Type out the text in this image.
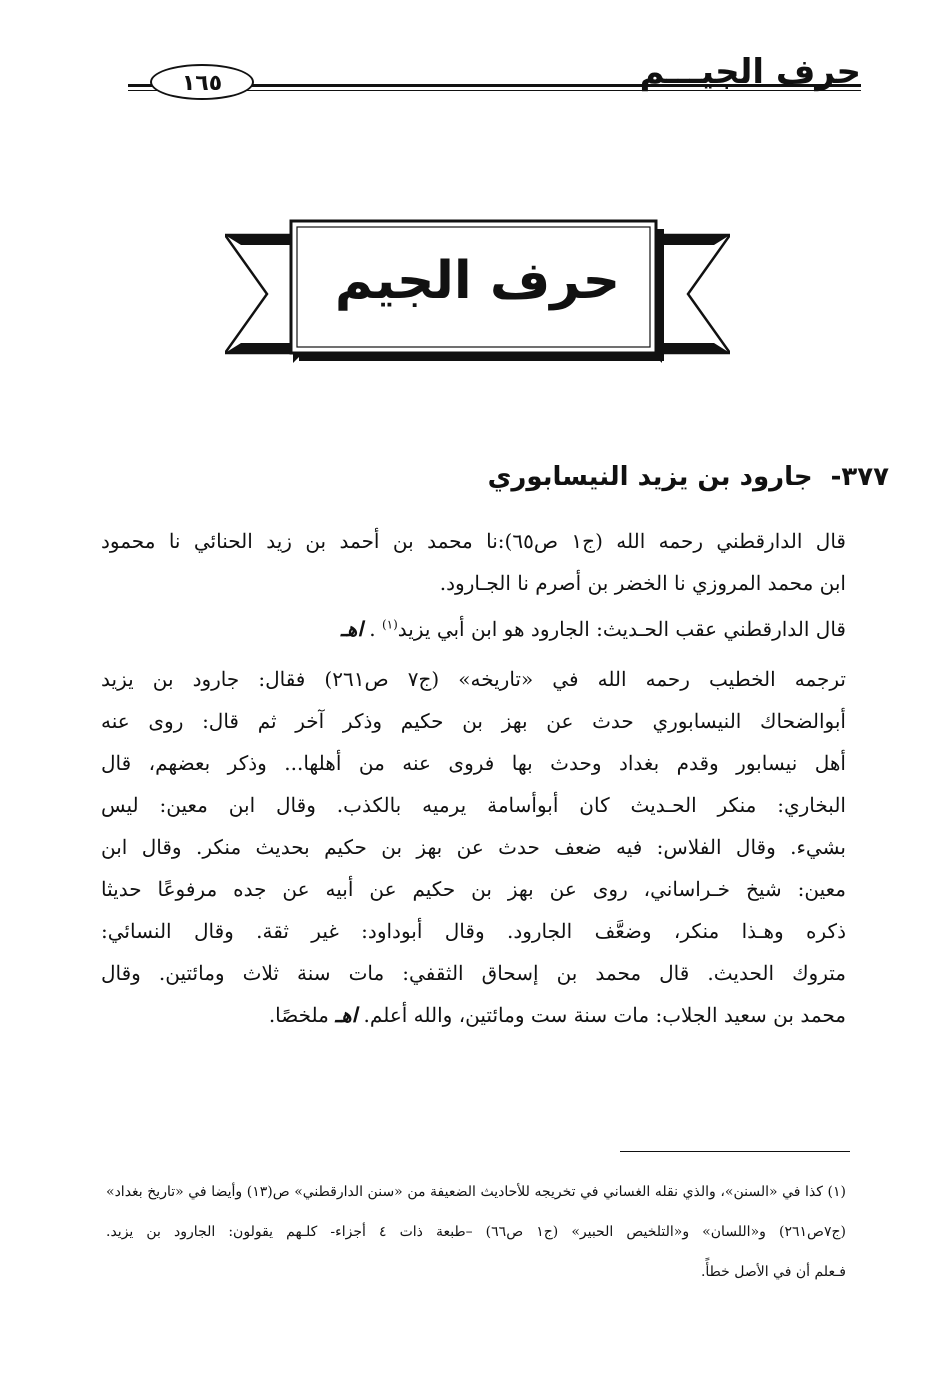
حرف الجيـــم
١٦٥
حرف الجيم
٣٧٧-جارود بن يزيد النيسابوري

قال الدارقطني رحمه الله (ج١ ص٦٥):نا محمد بن أحمد بن زيد الحنائي نا محمود
ابن محمد المروزي نا الخضر بن أصرم نا الجـارود.

قال الدارقطني عقب الحـديث: الجارود هو ابن أبي يزيد$^{(١)}$ . اهـ

ترجمه الخطيب رحمه الله في «تاريخه» (ج٧ ص٢٦١) فقال: جارود بن يزيد
أبوالضحاك النيسابوري حدث عن بهز بن حكيم وذكر آخر ثم قال: روى عنه
أهل نيسابور وقدم بغداد وحدث بها فروى عنه من أهلها... وذكر بعضهم، قال
البخاري: منكر الحـديث كان أبوأسامة يرميه بالكذب. وقال ابن معين: ليس
بشيء. وقال الفلاس: فيه ضعف حدث عن بهز بن حكيم بحديث منكر. وقال ابن
معين: شيخ خـراساني، روى عن بهز بن حكيم عن أبيه عن جده مرفوعًا حديثا
ذكره وهـذا منكر، وضعَّف الجارود. وقال أبوداود: غير ثقة. وقال النسائي:
متروك الحديث. قال محمد بن إسحاق الثقفي: مات سنة ثلاث ومائتين. وقال
محمد بن سعيد الجلاب: مات سنة ست ومائتين، والله أعلم. اهـ ملخصًا.

(١) كذا في «السنن»، والذي نقله الغساني في تخريجه للأحاديث الضعيفة من «سنن الدارقطني» ص(١٣) وأيضا في «تاريخ بغداد»
(ج٧ص٢٦١) و«اللسان» و«التلخيص الحبير» (ج١ ص٦٦) –طبعة ذات ٤ أجزاء- كلـهم يقولون: الجارود بن يزيد.
فـعلم أن في الأصل خطأً.
